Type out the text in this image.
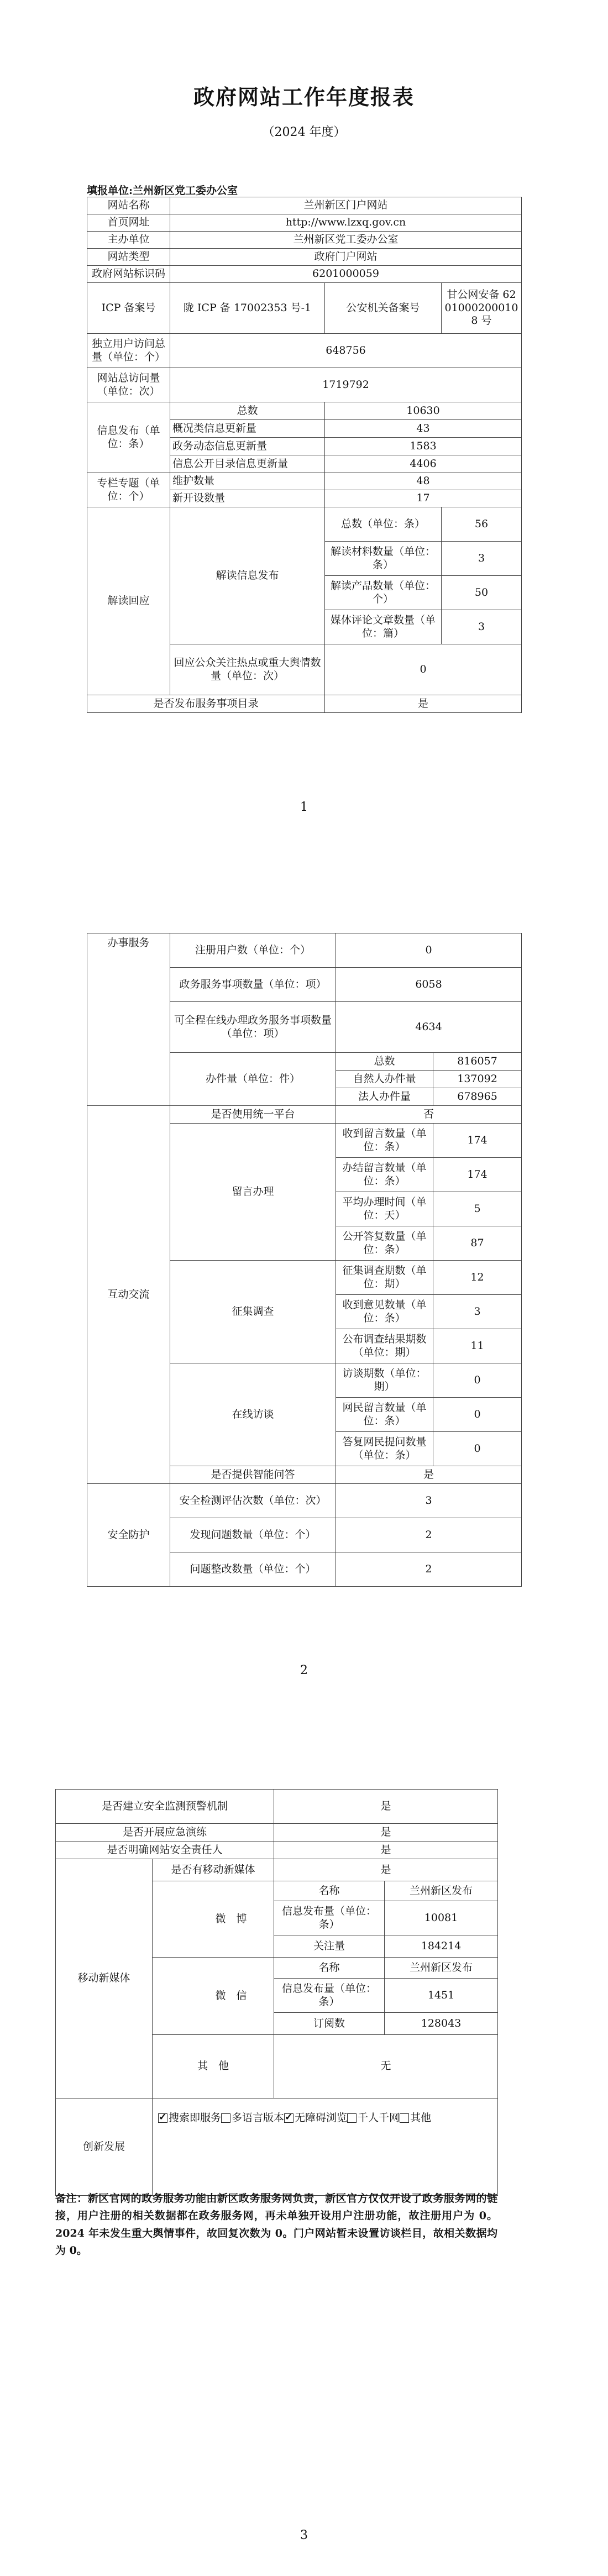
政府网站工作年度报表
（2024 年度）
填报单位:兰州新区党工委办公室
网站名称	兰州新区门户网站		
首页网址	http://www.lzxq.gov.cn		
主办单位	兰州新区党工委办公室		
网站类型	政府门户网站		
政府网站标识码	6201000059		
ICP 备案号	陇 ICP 备 17002353 号-1	公安机关备案号	甘公网安备 62010002000108 号
独立用户访问总量（单位：个）	648756		
网站总访问量（单位：次）	1719792		
信息发布（单位：条）	总数	10630	
	概况类信息更新量	43	
	政务动态信息更新量	1583	
	信息公开目录信息更新量	4406	
专栏专题（单位：个）	维护数量	48	
	新开设数量	17	
解读回应	解读信息发布	总数（单位：条）	56
		解读材料数量（单位：条）	3
		解读产品数量（单位：个）	50
		媒体评论文章数量（单位：篇）	3
	回应公众关注热点或重大舆情数量（单位：次）	0	
是否发布服务事项目录		是	
1
办事服务	注册用户数（单位：个）	0	
	政务服务事项数量（单位：项）	6058	
	可全程在线办理政务服务事项数量（单位：项）	4634	
	办件量（单位：件）	总数	816057
		自然人办件量	137092
		法人办件量	678965
互动交流	是否使用统一平台	否	
	留言办理	收到留言数量（单位：条）	174
		办结留言数量（单位：条）	174
		平均办理时间（单位：天）	5
		公开答复数量（单位：条）	87
	征集调查	征集调查期数（单位：期）	12
		收到意见数量（单位：条）	3
		公布调查结果期数（单位：期）	11
	在线访谈	访谈期数（单位：期）	0
		网民留言数量（单位：条）	0
		答复网民提问数量（单位：条）	0
	是否提供智能问答	是	
安全防护	安全检测评估次数（单位：次）	3	
	发现问题数量（单位：个）	2	
	问题整改数量（单位：个）	2	
2
是否建立安全监测预警机制			是	
是否开展应急演练			是	
是否明确网站安全责任人			是	
移动新媒体	是否有移动新媒体		是	
		微　博	名称	兰州新区发布
			信息发布量（单位：条）	10081
			关注量	184214
		微　信	名称	兰州新区发布
			信息发布量（单位：条）	1451
			订阅数	128043
	其　他		无	
创新发展	✓搜索即服务 多语言版本 ✓ 无障碍浏览 千人千网 其他
备注：新区官网的政务服务功能由新区政务服务网负责，新区官方仅仅开设了政务服务网的链接，用户注册的相关数据都在政务服务网，再未单独开设用户注册功能，故注册用户为 0。2024 年未发生重大舆情事件，故回复次数为 0。门户网站暂未设置访谈栏目，故相关数据均为 0。
3
